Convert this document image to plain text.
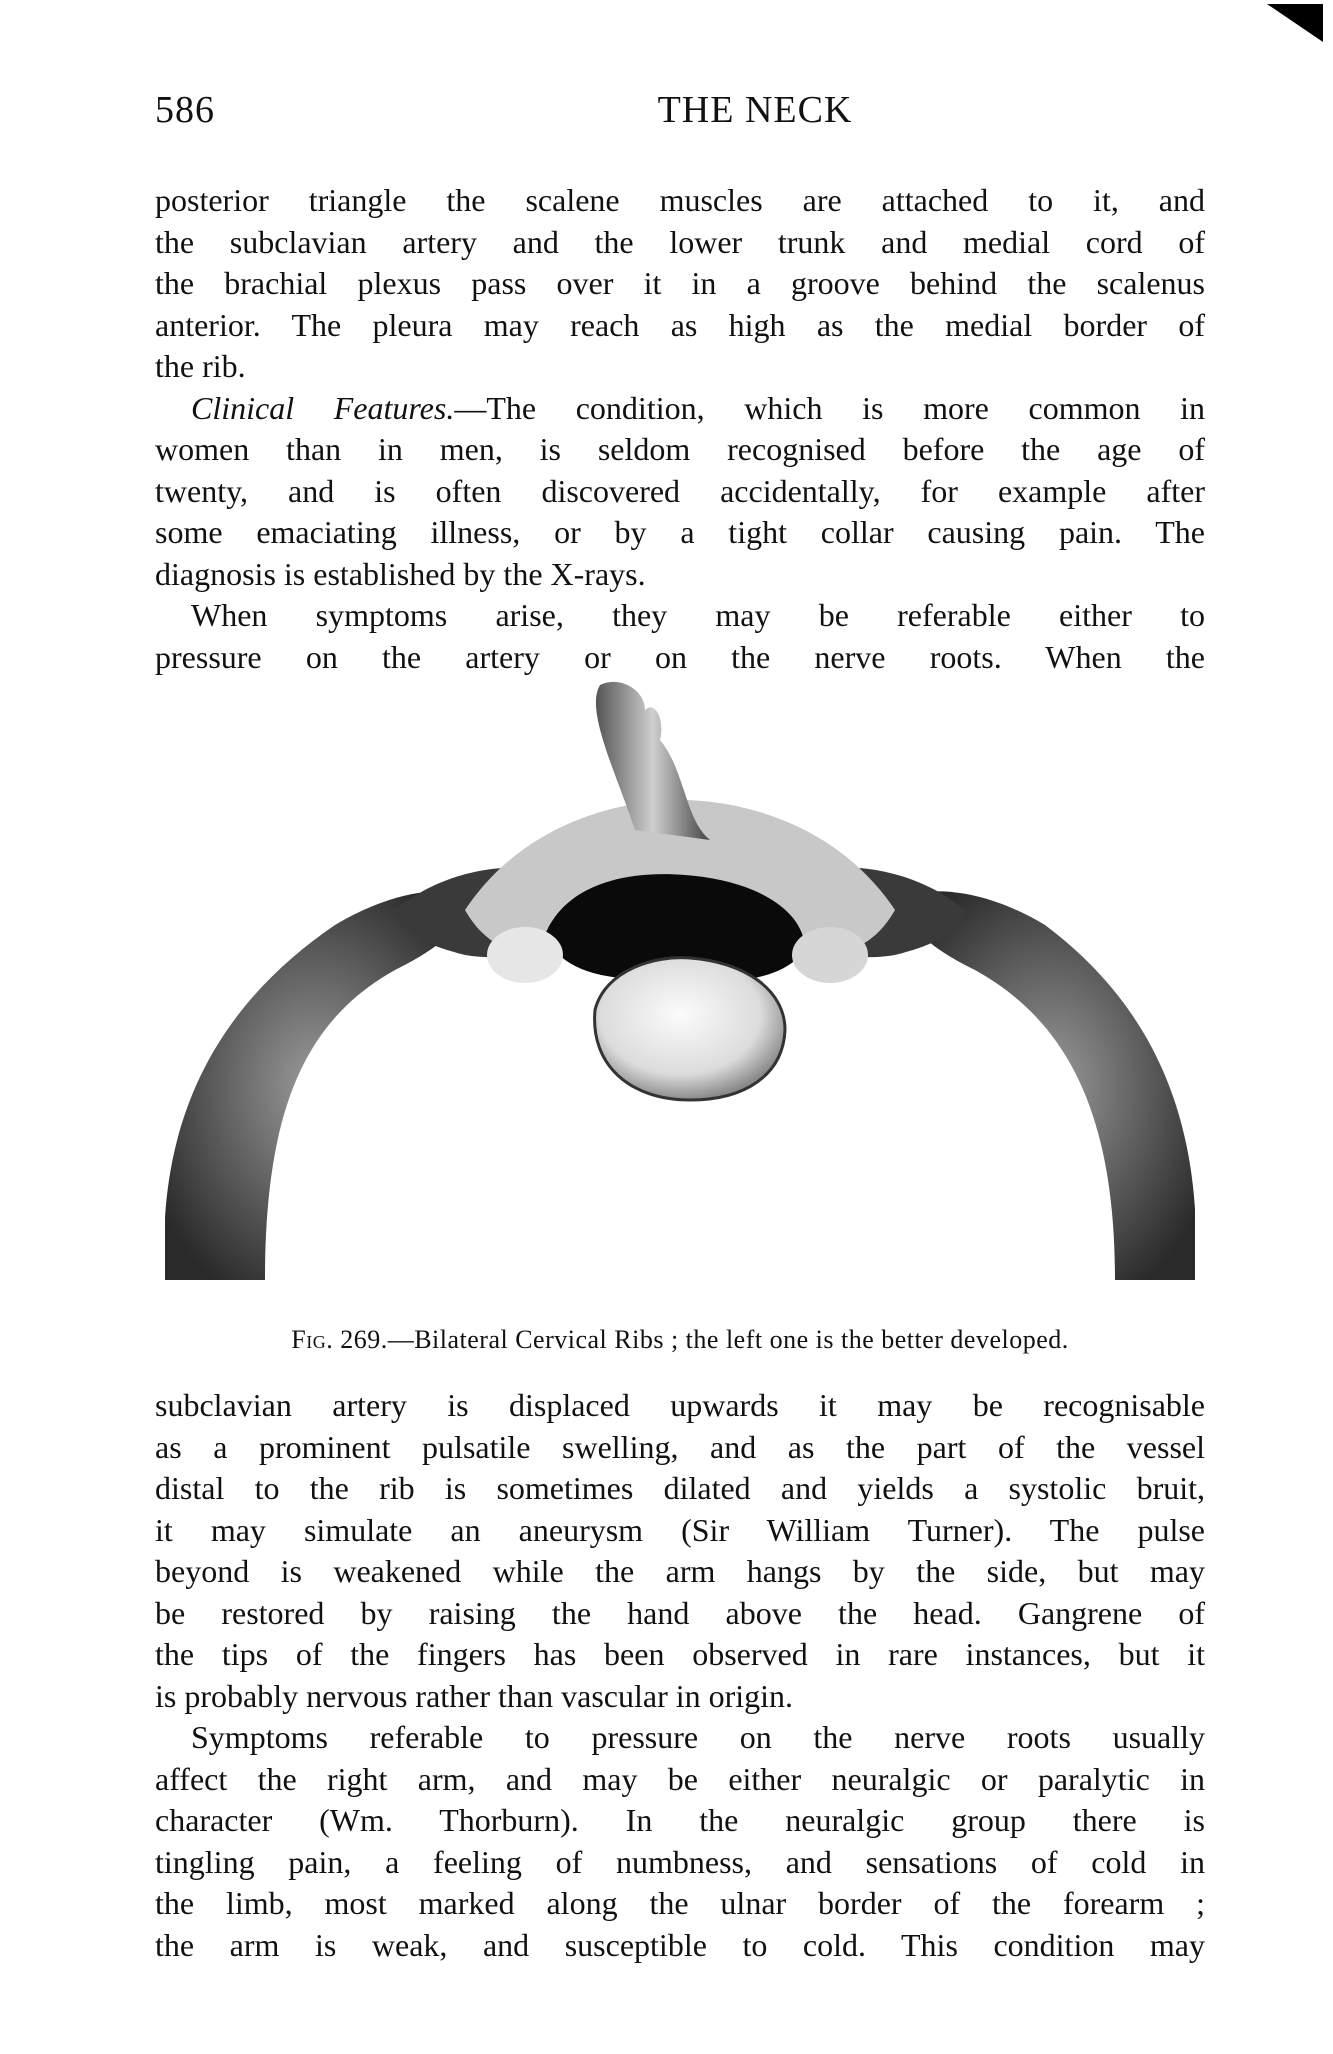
586	THE NECK

posterior triangle the scalene muscles are attached to it, and

the subclavian artery and the lower trunk and medial cord of

the brachial plexus pass over it in a groove behind the scalenus

anterior. The pleura may reach as high as the medial border of

the rib.

Clinical Features.—The condition, which is more common in

women than in men, is seldom recognised before the age of

twenty, and is often discovered accidentally, for example after

some emaciating illness, or by a tight collar causing pain. The

diagnosis is established by the X-rays.

When symptoms arise, they may be referable either to

pressure on the artery or on the nerve roots. When the

Fig. 269.—Bilateral Cervical Ribs ; the left one is the better developed.

subclavian artery is displaced upwards it may be recognisable

as a prominent pulsatile swelling, and as the part of the vessel

distal to the rib is sometimes dilated and yields a systolic bruit,

it may simulate an aneurysm (Sir William Turner). The pulse

beyond is weakened while the arm hangs by the side, but may

be restored by raising the hand above the head. Gangrene of

the tips of the fingers has been observed in rare instances, but it

is probably nervous rather than vascular in origin.

Symptoms referable to pressure on the nerve roots usually

affect the right arm, and may be either neuralgic or paralytic in

character (Wm. Thorburn). In the neuralgic group there is

tingling pain, a feeling of numbness, and sensations of cold in

the limb, most marked along the ulnar border of the forearm ;

the arm is weak, and susceptible to cold. This condition may
